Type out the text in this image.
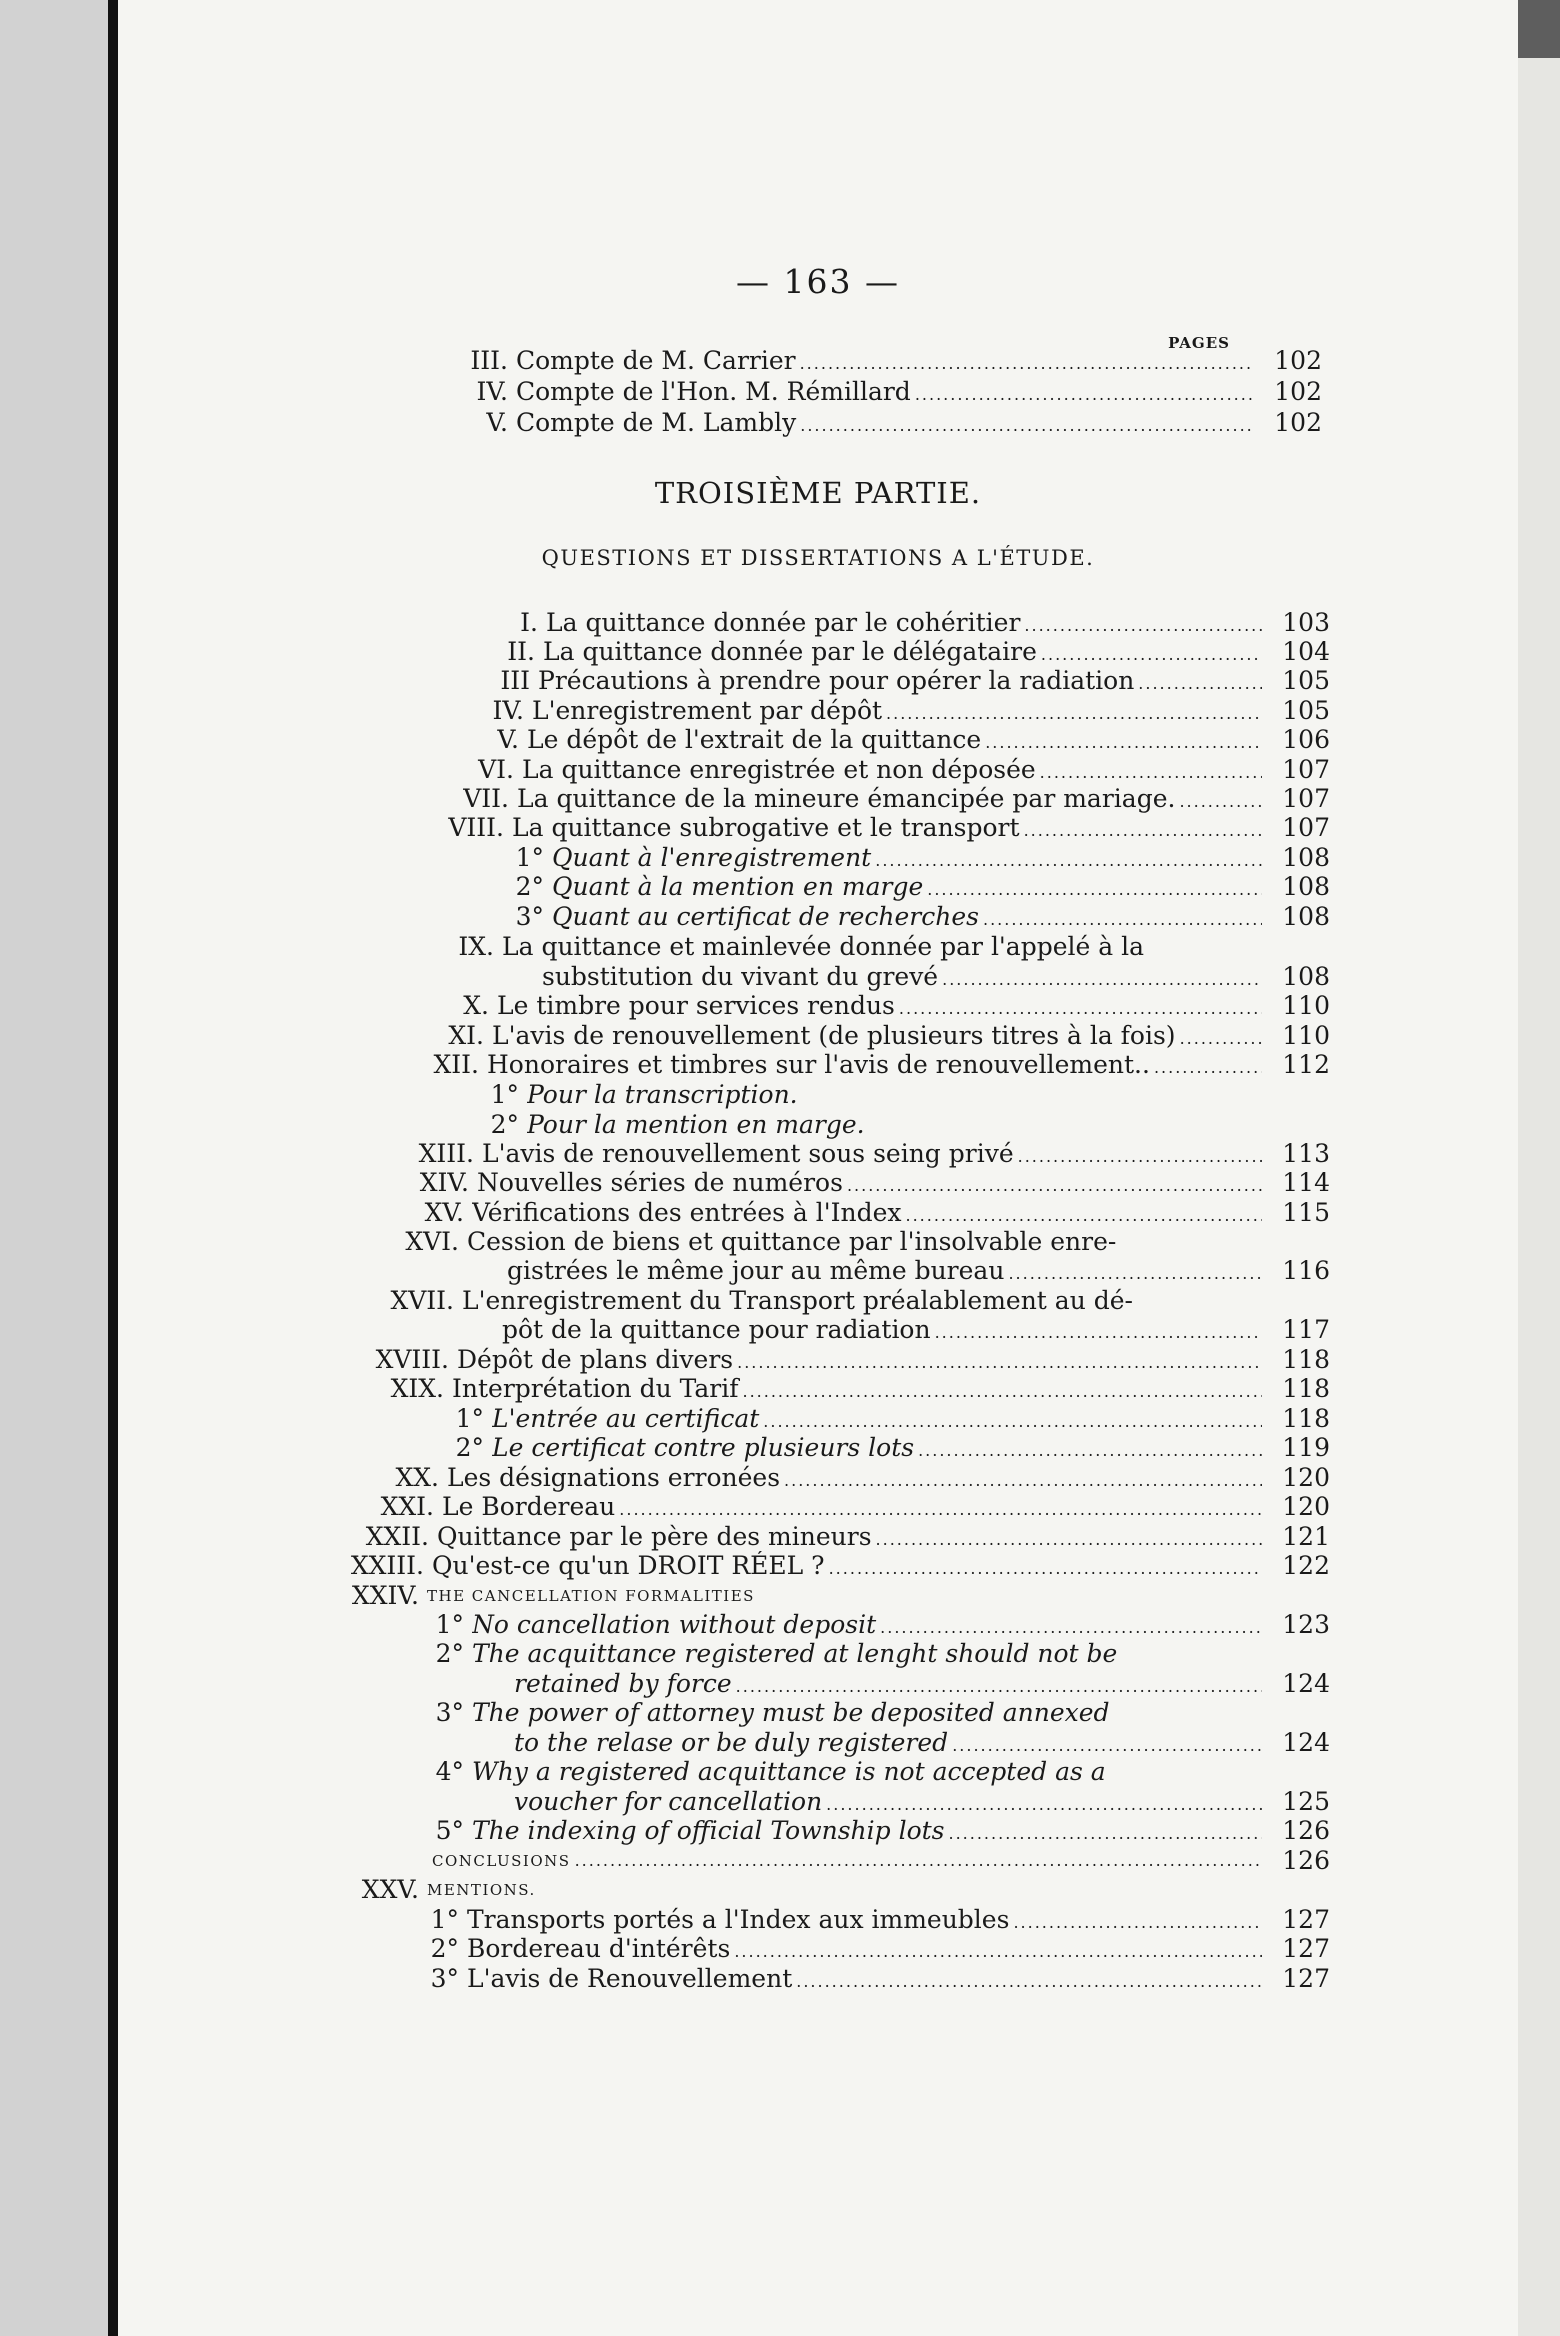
— 163 —
PAGES
III. Compte de M. Carrier .....	102
IV. Compte de l'Hon. M. Rémillard .....	102
V. Compte de M. Lambly .....	102
TROISIÈME PARTIE.
QUESTIONS ET DISSERTATIONS A L'ÉTUDE.
I. La quittance donnée par le cohéritier .....	103
II. La quittance donnée par le délégataire .....	104
III Précautions à prendre pour opérer la radiation .....	105
IV. L'enregistrement par dépôt .....	105
V. Le dépôt de l'extrait de la quittance .....	106
VI. La quittance enregistrée et non déposée .....	107
VII. La quittance de la mineure émancipée par mariage. .....	107
VIII. La quittance subrogative et le transport .....	107
1° Quant à l'enregistrement .....	108
2° Quant à la mention en marge .....	108
3° Quant au certificat de recherches .....	108
IX. La quittance et mainlevée donnée par l'appelé à la
substitution du vivant du grevé .....	108
X. Le timbre pour services rendus .....	110
XI. L'avis de renouvellement (de plusieurs titres à la fois) .....	110
XII. Honoraires et timbres sur l'avis de renouvellement.. .....	112
1° Pour la transcription.
2° Pour la mention en marge.
XIII. L'avis de renouvellement sous seing privé .....	113
XIV. Nouvelles séries de numéros .....	114
XV. Vérifications des entrées à l'Index .....	115
XVI. Cession de biens et quittance par l'insolvable enre-
gistrées le même jour au même bureau .....	116
XVII. L'enregistrement du Transport préalablement au dé-
pôt de la quittance pour radiation .....	117
XVIII. Dépôt de plans divers .....	118
XIX. Interprétation du Tarif .....	118
1° L'entrée au certificat .....	118
2° Le certificat contre plusieurs lots .....	119
XX. Les désignations erronées .....	120
XXI. Le Bordereau .....	120
XXII. Quittance par le père des mineurs .....	121
XXIII. Qu'est-ce qu'un DROIT RÉEL ? .....	122
XXIV. THE CANCELLATION FORMALITIES
1° No cancellation without deposit .....	123
2° The acquittance registered at lenght should not be
retained by force .....	124
3° The power of attorney must be deposited annexed
to the relase or be duly registered .....	124
4° Why a registered acquittance is not accepted as a
voucher for cancellation .....	125
5° The indexing of official Township lots .....	126
CONCLUSIONS .....	126
XXV. MENTIONS.
1° Transports portés a l'Index aux immeubles .....	127
2° Bordereau d'intérêts .....	127
3° L'avis de Renouvellement .....	127
